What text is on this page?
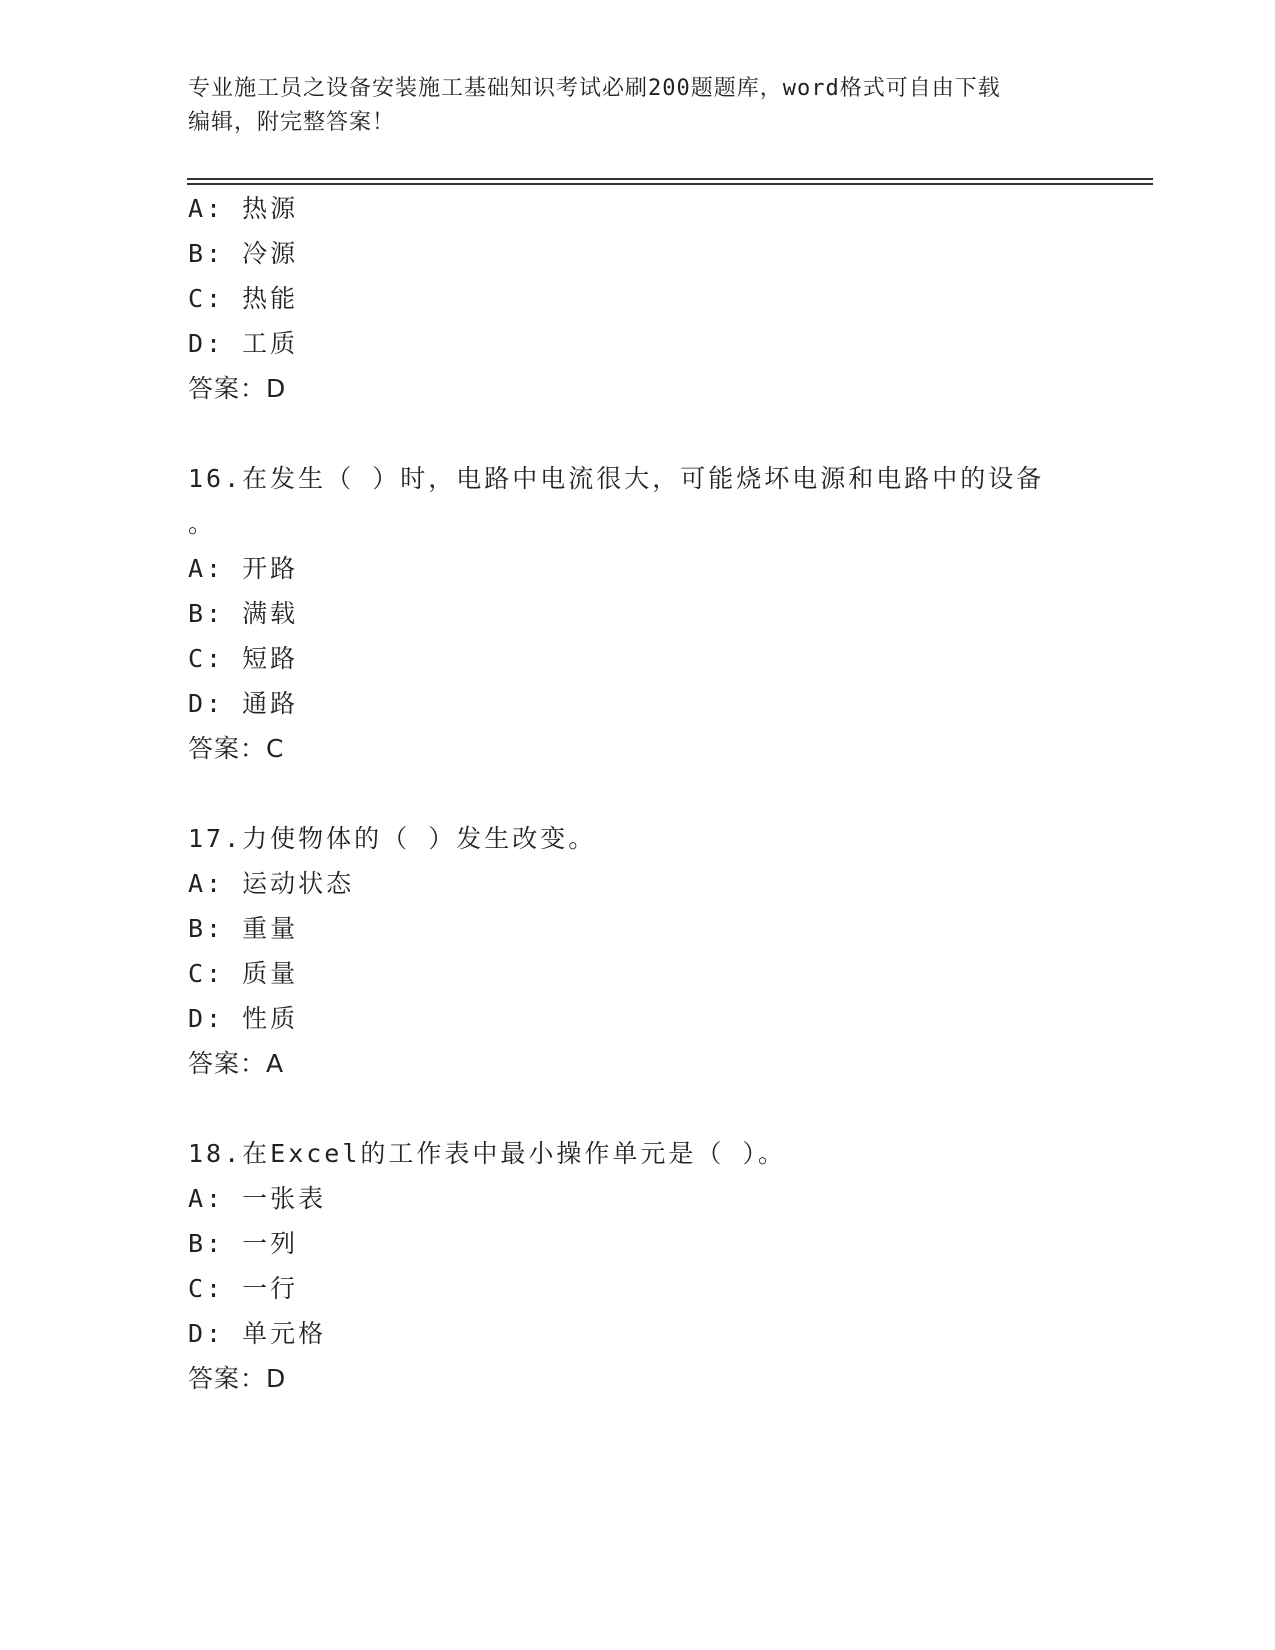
专业施工员之设备安装施工基础知识考试必刷200题题库，word格式可自由下载
编辑，附完整答案！
A: 热源
B: 冷源
C: 热能
D: 工质
答案：D
16.在发生（ ）时，电路中电流很大，可能烧坏电源和电路中的设备
。
A: 开路
B: 满载
C: 短路
D: 通路
答案：C
17.力使物体的（ ）发生改变。
A: 运动状态
B: 重量
C: 质量
D: 性质
答案：A
18.在Excel的工作表中最小操作单元是（ ）。
A: 一张表
B: 一列
C: 一行
D: 单元格
答案：D
